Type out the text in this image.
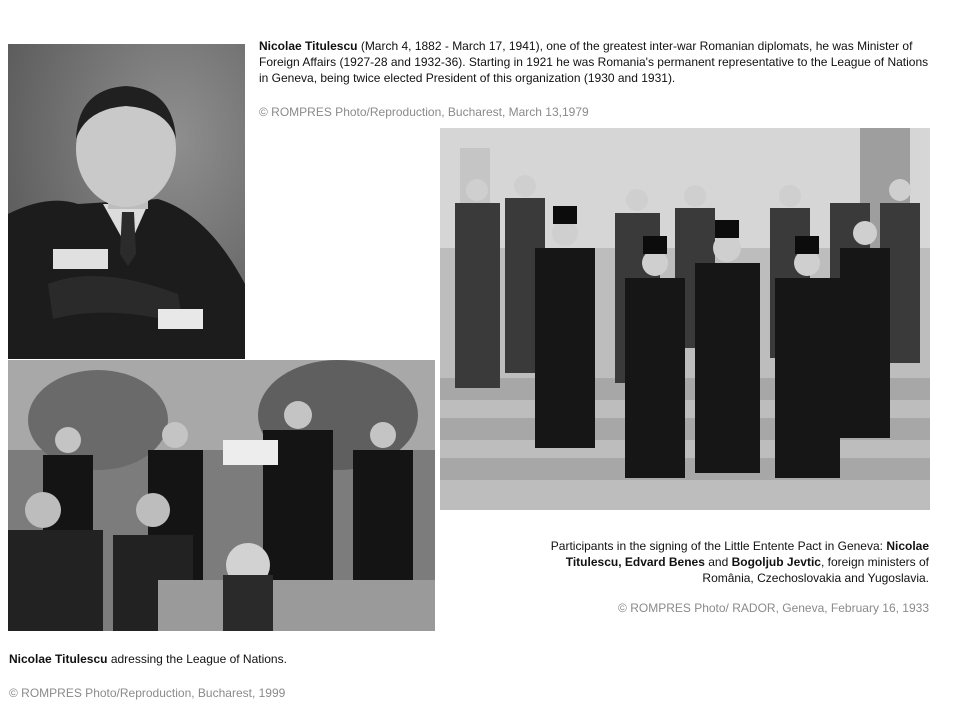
Nicolae Titulescu (March 4, 1882 - March 17, 1941), one of the greatest inter-war Romanian diplomats, he was Minister of Foreign Affairs (1927-28 and 1932-36). Starting in 1921 he was Romania's permanent representative to the League of Nations in Geneva, being twice elected President of this organization (1930 and 1931).
© ROMPRES Photo/Reproduction, Bucharest, March 13,1979
Participants in the signing of the Little Entente Pact in Geneva: Nicolae Titulescu, Edvard Benes and Bogoljub Jevtic, foreign ministers of România, Czechoslovakia and Yugoslavia.
© ROMPRES Photo/ RADOR, Geneva, February 16, 1933
Nicolae Titulescu adressing the League of Nations.
© ROMPRES Photo/Reproduction, Bucharest, 1999
